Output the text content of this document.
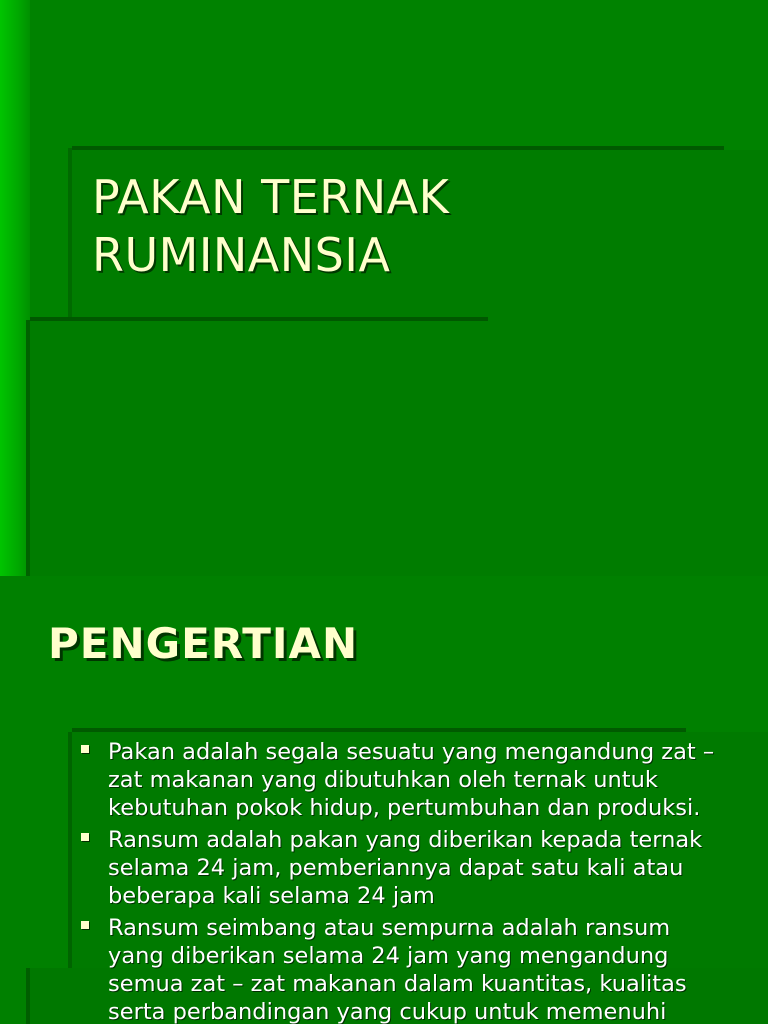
PAKAN TERNAK
RUMINANSIA
PENGERTIAN
Pakan adalah segala sesuatu yang mengandung zat –
zat makanan yang dibutuhkan oleh ternak untuk
kebutuhan pokok hidup, pertumbuhan dan produksi.
Ransum adalah pakan yang diberikan kepada ternak
selama 24 jam, pemberiannya dapat satu kali atau
beberapa kali selama 24 jam
Ransum seimbang atau sempurna adalah ransum
yang diberikan selama 24 jam yang mengandung
semua zat – zat makanan dalam kuantitas, kualitas
serta perbandingan yang cukup untuk memenuhi
